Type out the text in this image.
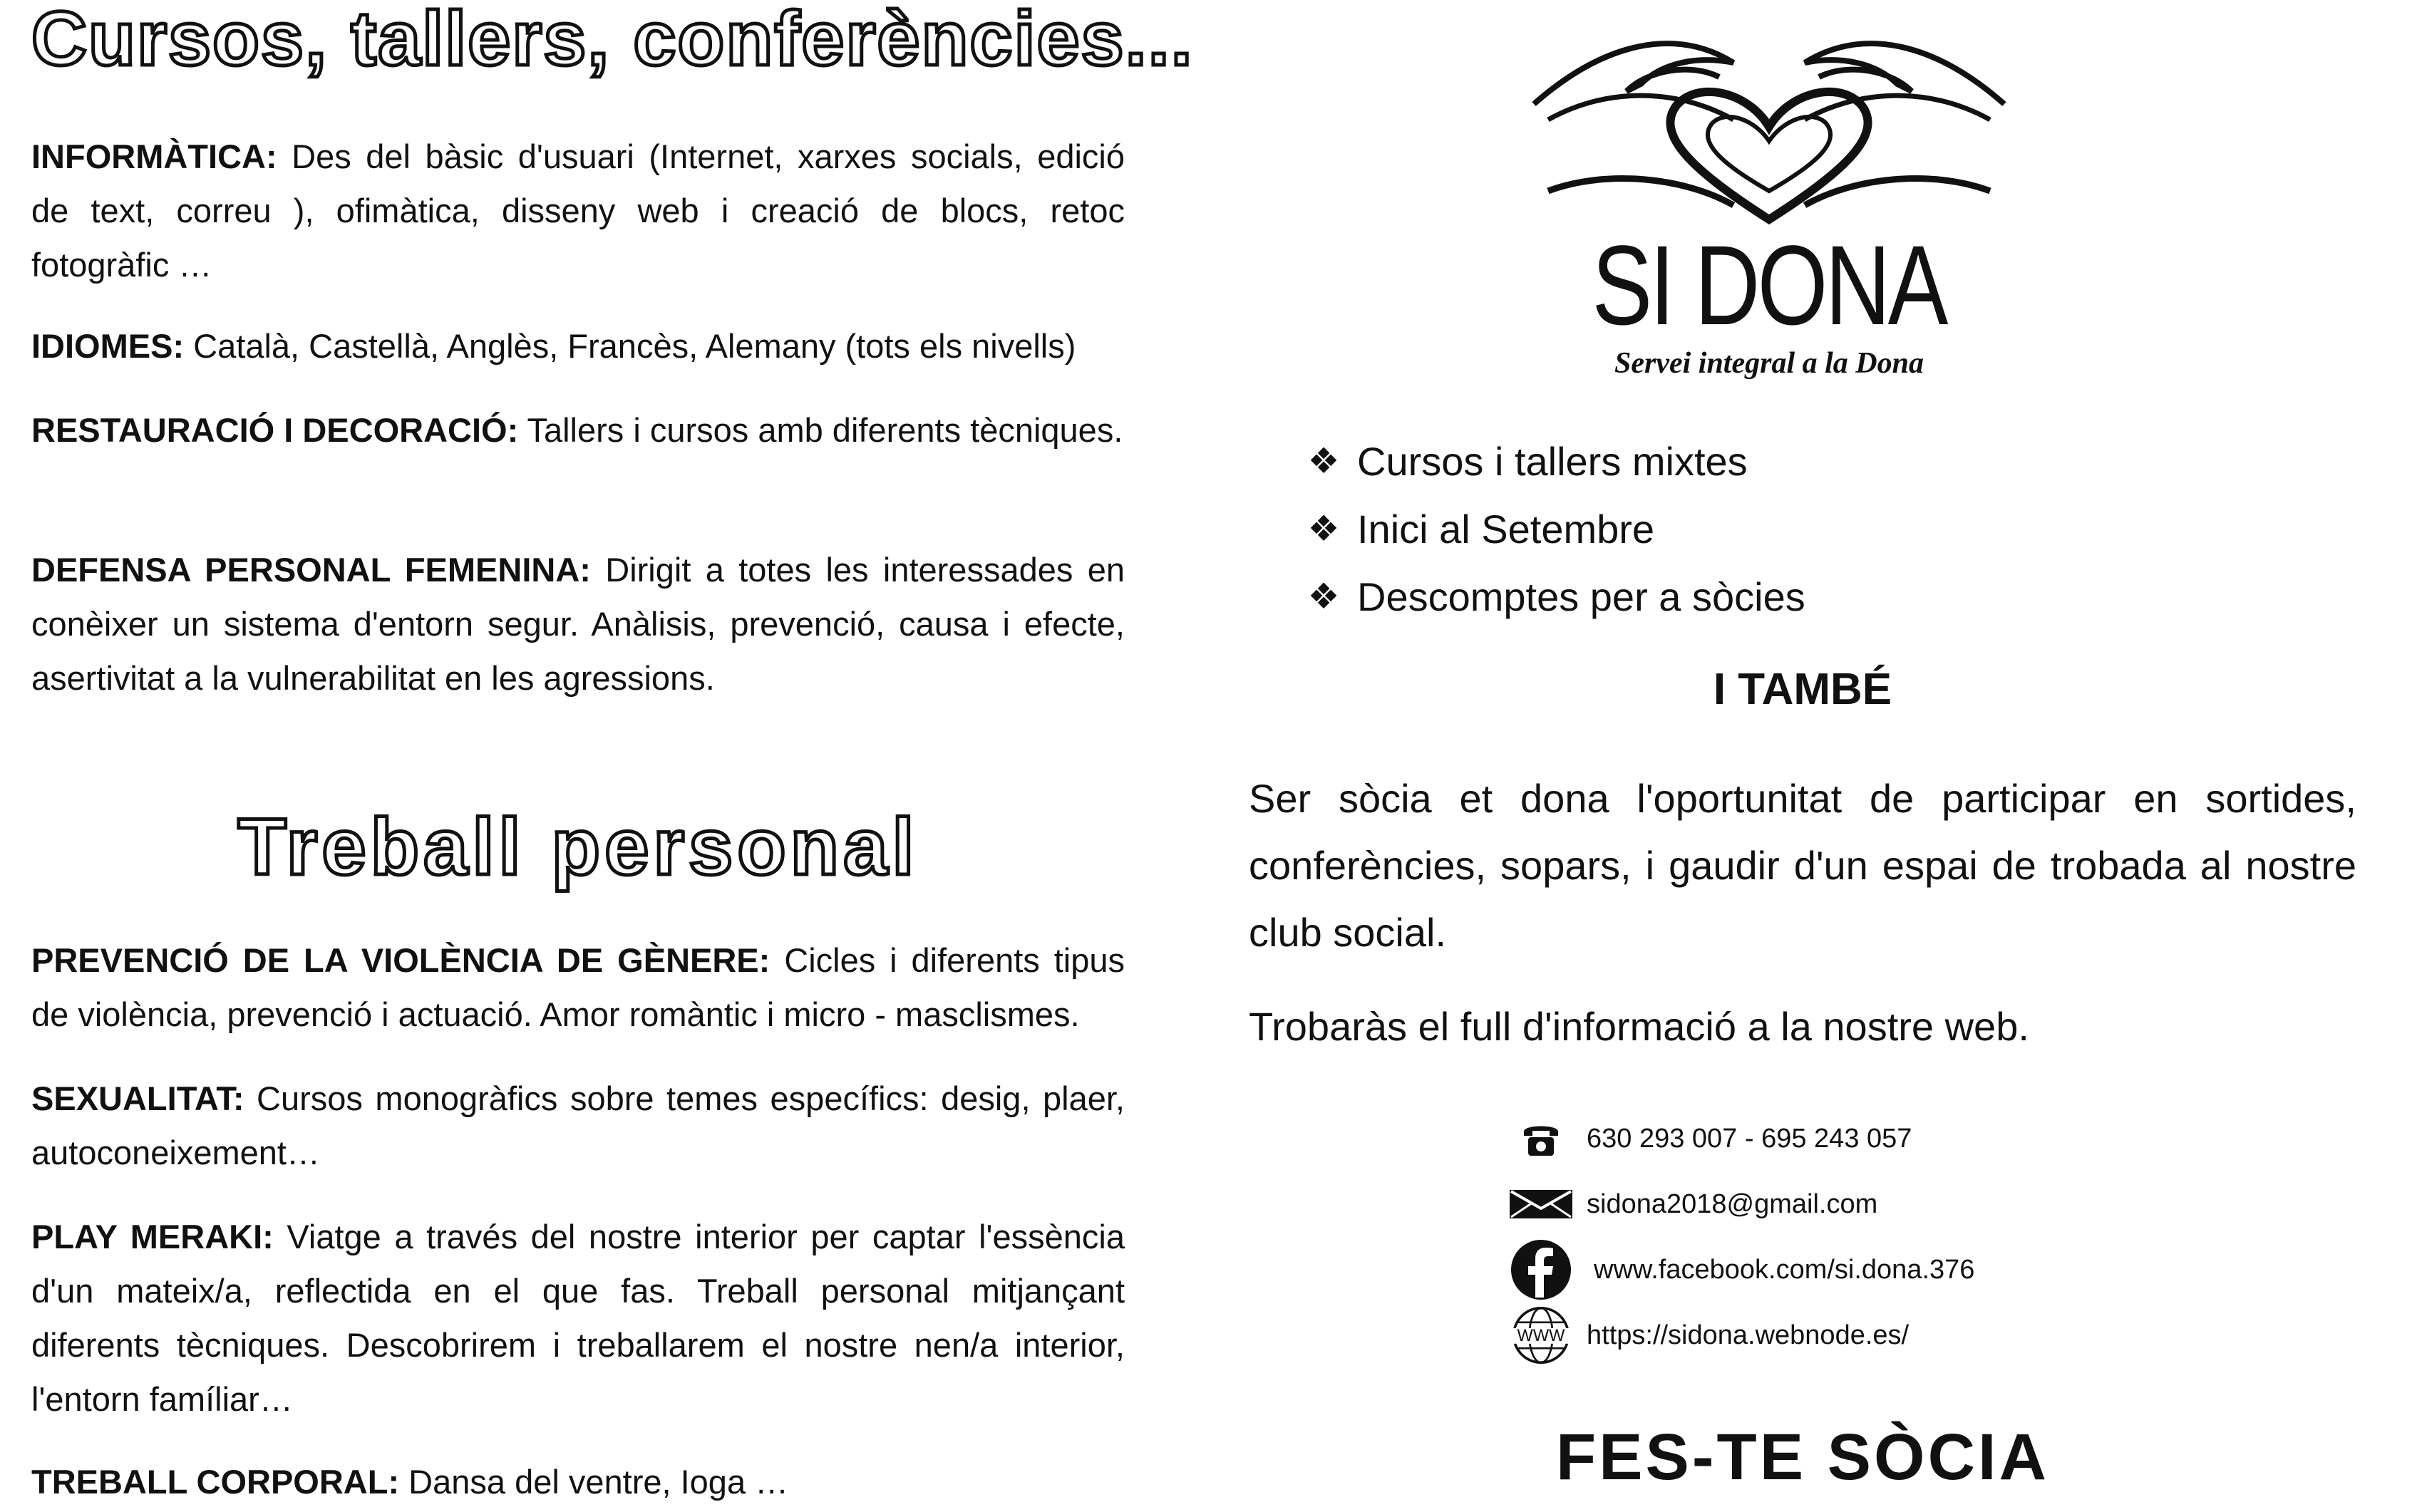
Cursos, tallers, conferències...

INFORMÀTICA: Des del bàsic d'usuari (Internet, xarxes socials, edició de text, correu ), ofimàtica, disseny web i creació de blocs, retoc fotogràfic …

IDIOMES: Català, Castellà, Anglès, Francès, Alemany (tots els nivells)

RESTAURACIÓ I DECORACIÓ: Tallers i cursos amb diferents tècniques.

DEFENSA PERSONAL FEMENINA: Dirigit a totes les interessades en conèixer un sistema d'entorn segur. Anàlisis, prevenció, causa i efecte, asertivitat a la vulnerabilitat en les agressions.

Treball personal

PREVENCIÓ DE LA VIOLÈNCIA DE GÈNERE: Cicles i diferents tipus de violència, prevenció i actuació. Amor romàntic i micro - masclismes.

SEXUALITAT: Cursos monogràfics sobre temes específics: desig, plaer, autoconeixement…

PLAY MERAKI: Viatge a través del nostre interior per captar l'essència d'un mateix/a, reflectida en el que fas. Treball personal mitjançant diferents tècniques. Descobrirem i treballarem el nostre nen/a interior, l'entorn famíliar…

TREBALL CORPORAL: Dansa del ventre, Ioga …

SI DONA
Servei integral a la Dona
❖ Cursos i tallers mixtes
❖ Inici al Setembre
❖ Descomptes per a sòcies
I TAMBÉ

Ser sòcia et dona l'oportunitat de participar en sortides, conferències, sopars, i gaudir d'un espai de trobada al nostre club social.

Trobaràs el full d'informació a la nostre web.

630 293 007 - 695 243 057
sidona2018@gmail.com
www.facebook.com/si.dona.376
WWW https://sidona.webnode.es/
FES-TE SÒCIA
